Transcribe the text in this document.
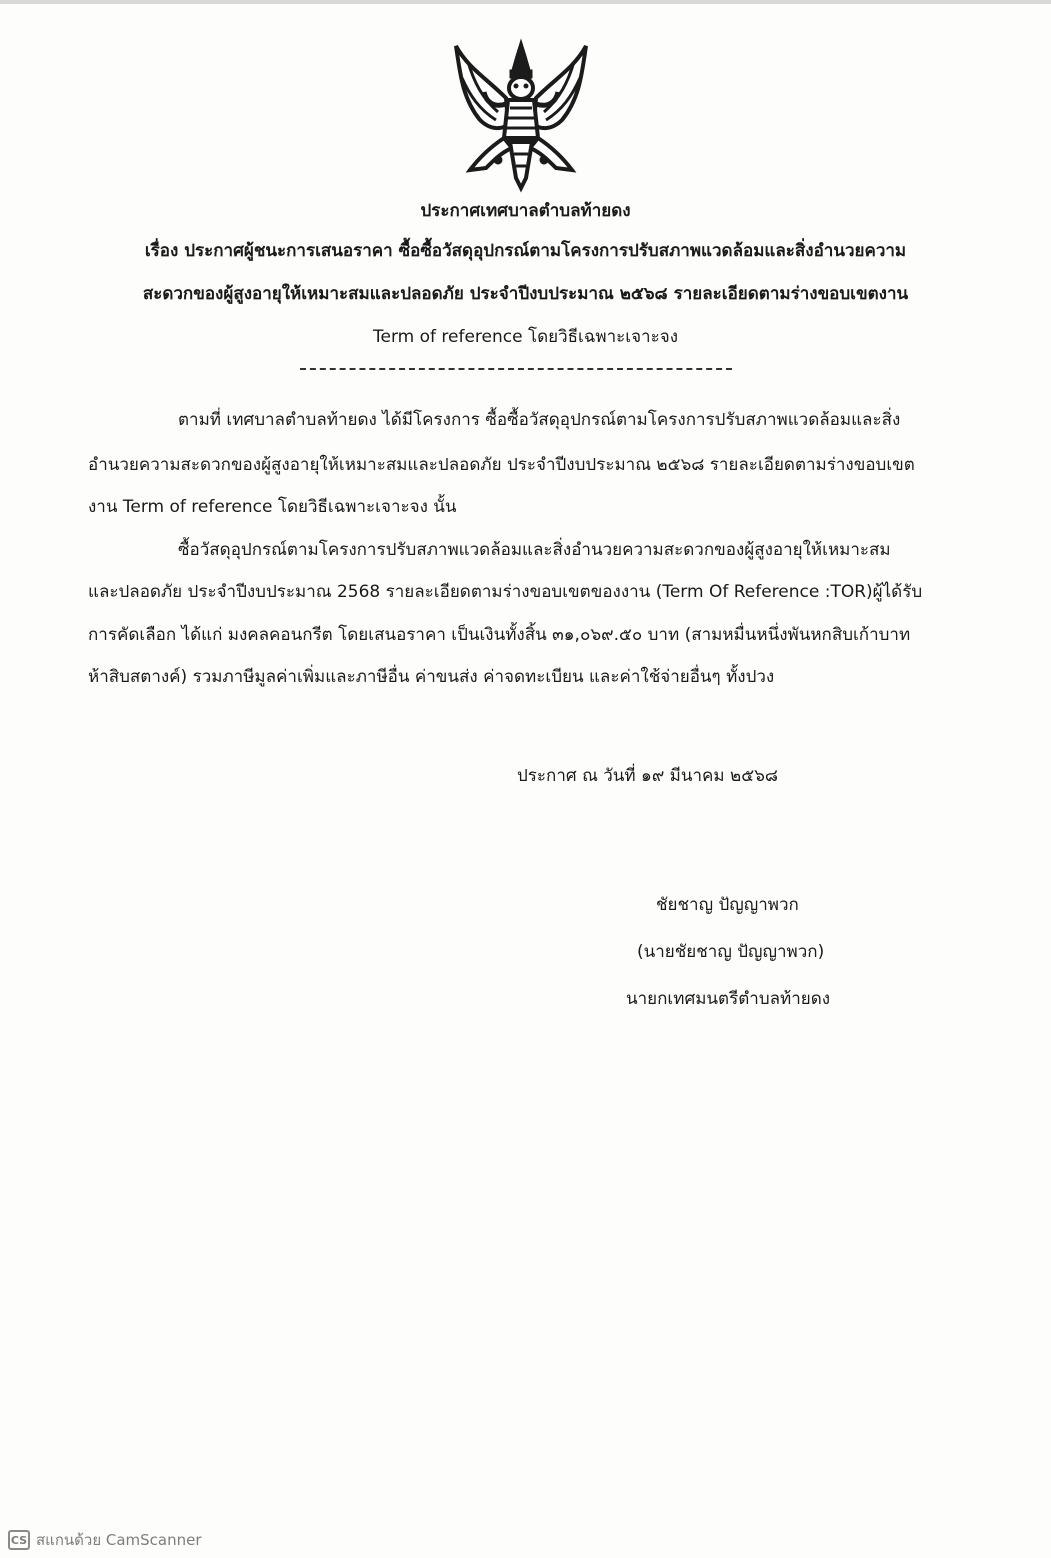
ประกาศเทศบาลตำบลท้ายดง
เรื่อง ประกาศผู้ชนะการเสนอราคา ซื้อซื้อวัสดุอุปกรณ์ตามโครงการปรับสภาพแวดล้อมและสิ่งอำนวยความ
สะดวกของผู้สูงอายุให้เหมาะสมและปลอดภัย ประจำปีงบประมาณ ๒๕๖๘ รายละเอียดตามร่างขอบเขตงาน
Term of reference โดยวิธีเฉพาะเจาะจง
ตามที่ เทศบาลตำบลท้ายดง ได้มีโครงการ ซื้อซื้อวัสดุอุปกรณ์ตามโครงการปรับสภาพแวดล้อมและสิ่ง
อำนวยความสะดวกของผู้สูงอายุให้เหมาะสมและปลอดภัย ประจำปีงบประมาณ ๒๕๖๘ รายละเอียดตามร่างขอบเขต
งาน Term of reference โดยวิธีเฉพาะเจาะจง นั้น
ซื้อวัสดุอุปกรณ์ตามโครงการปรับสภาพแวดล้อมและสิ่งอำนวยความสะดวกของผู้สูงอายุให้เหมาะสม
และปลอดภัย ประจำปีงบประมาณ 2568 รายละเอียดตามร่างขอบเขตของงาน (Term Of Reference :TOR)ผู้ได้รับ
การคัดเลือก ได้แก่ มงคลคอนกรีต โดยเสนอราคา เป็นเงินทั้งสิ้น ๓๑,๐๖๙.๕๐ บาท (สามหมื่นหนึ่งพันหกสิบเก้าบาท
ห้าสิบสตางค์) รวมภาษีมูลค่าเพิ่มและภาษีอื่น ค่าขนส่ง ค่าจดทะเบียน และค่าใช้จ่ายอื่นๆ ทั้งปวง
ประกาศ ณ วันที่ ๑๙ มีนาคม ๒๕๖๘
ชัยชาญ ปัญญาพวก
(นายชัยชาญ ปัญญาพวก)
นายกเทศมนตรีตำบลท้ายดง
CS สแกนด้วย CamScanner
